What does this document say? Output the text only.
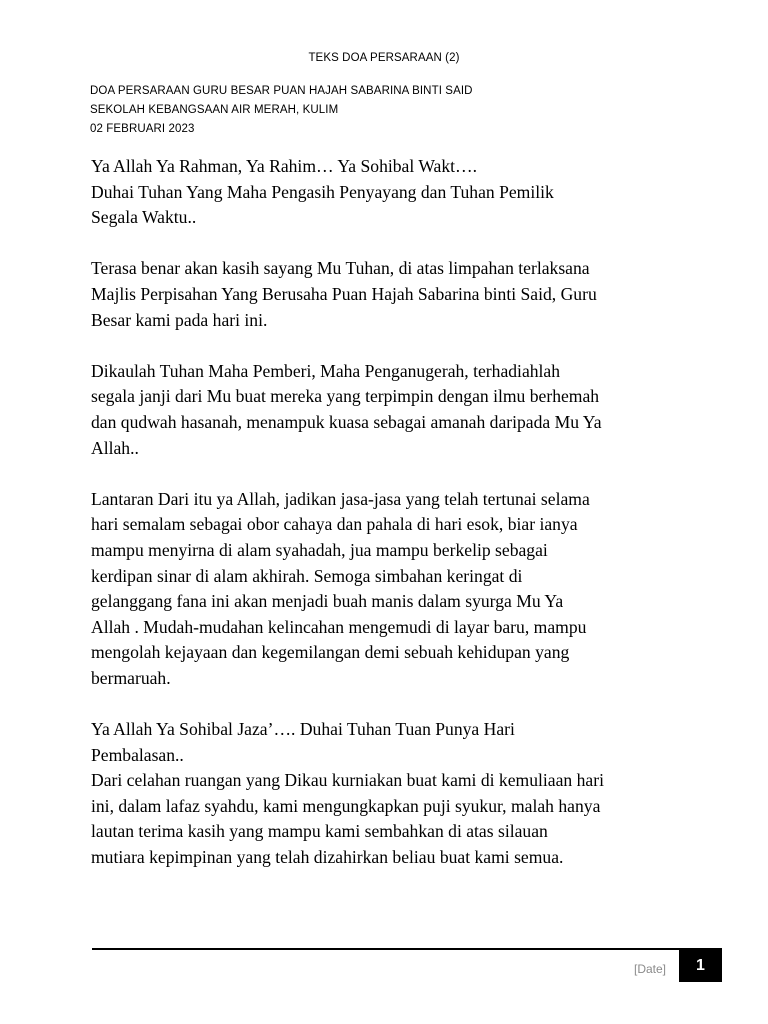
TEKS DOA PERSARAAN (2)
DOA PERSARAAN GURU BESAR PUAN HAJAH SABARINA BINTI SAID
SEKOLAH KEBANGSAAN AIR MERAH, KULIM
02 FEBRUARI 2023

Ya Allah Ya Rahman, Ya Rahim… Ya Sohibal Wakt….
Duhai Tuhan Yang Maha Pengasih Penyayang dan Tuhan Pemilik
Segala Waktu..

Terasa benar akan kasih sayang Mu Tuhan, di atas limpahan terlaksana
Majlis Perpisahan Yang Berusaha Puan Hajah Sabarina binti Said, Guru
Besar kami pada hari ini.

Dikaulah Tuhan Maha Pemberi, Maha Penganugerah, terhadiahlah
segala janji dari Mu buat mereka yang terpimpin dengan ilmu berhemah
dan qudwah hasanah, menampuk kuasa sebagai amanah daripada Mu Ya
Allah..

Lantaran Dari itu ya Allah, jadikan jasa-jasa yang telah tertunai selama
hari semalam sebagai obor cahaya dan pahala di hari esok, biar ianya
mampu menyirna di alam syahadah, jua mampu berkelip sebagai
kerdipan sinar di alam akhirah. Semoga simbahan keringat di
gelanggang fana ini akan menjadi buah manis dalam syurga Mu Ya
Allah . Mudah-mudahan kelincahan mengemudi di layar baru, mampu
mengolah kejayaan dan kegemilangan demi sebuah kehidupan yang
bermaruah.

Ya Allah Ya Sohibal Jaza’…. Duhai Tuhan Tuan Punya Hari
Pembalasan..
Dari celahan ruangan yang Dikau kurniakan buat kami di kemuliaan hari
ini, dalam lafaz syahdu, kami mengungkapkan puji syukur, malah hanya
lautan terima kasih yang mampu kami sembahkan di atas silauan
mutiara kepimpinan yang telah dizahirkan beliau buat kami semua.

[Date]	1
